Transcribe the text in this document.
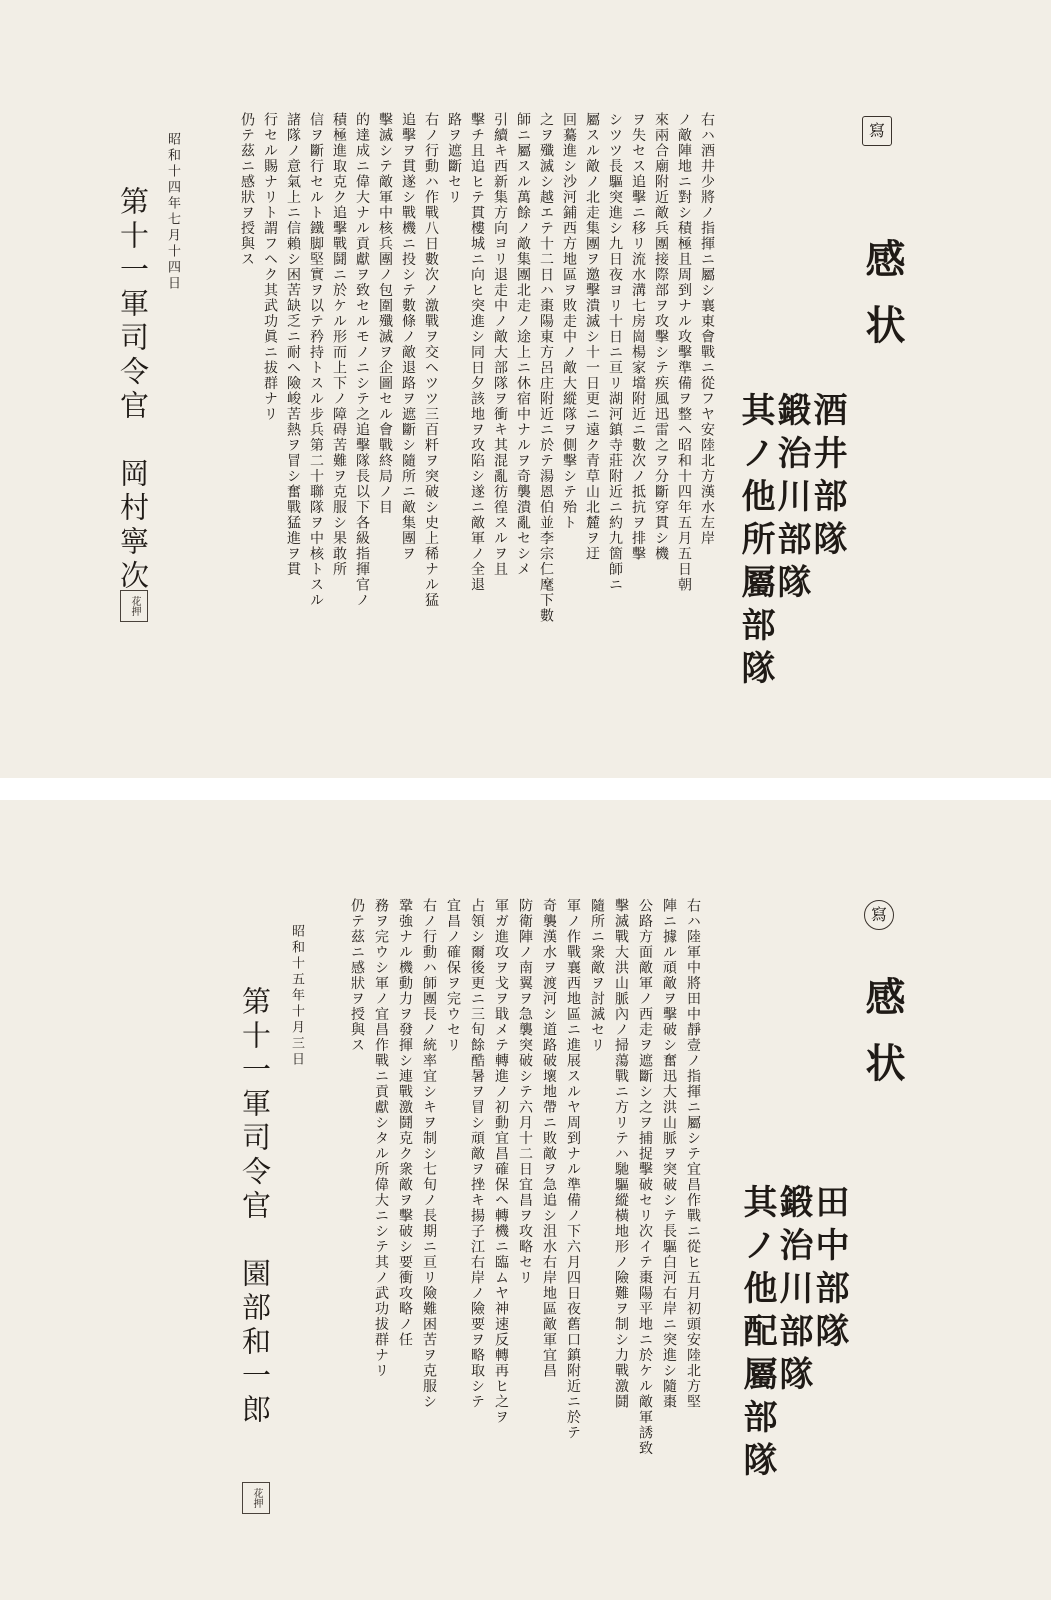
寫
感状
酒井部隊
鍛治川部隊
其ノ他所屬部隊
右ハ酒井少將ノ指揮ニ屬シ襄東會戰ニ從フヤ安陸北方漢水左岸
ノ敵陣地ニ對シ積極且周到ナル攻擊準備ヲ整ヘ昭和十四年五月五日朝
來兩合廟附近敵兵團接際部ヲ攻擊シテ疾風迅雷之ヲ分斷穿貫シ機
ヲ失セス追擊ニ移リ流水溝七房崗楊家壋附近ニ數次ノ抵抗ヲ排擊
シツツ長驅突進シ九日夜ヨリ十日ニ亘リ湖河鎮寺莊附近ニ約九箇師ニ
屬スル敵ノ北走集團ヲ邀擊潰滅シ十一日更ニ遠ク青草山北麓ヲ迂
回驀進シ沙河鋪西方地區ヲ敗走中ノ敵大縱隊ヲ側擊シテ殆ト
之ヲ殲滅シ越エテ十二日ハ棗陽東方呂庄附近ニ於テ湯恩伯並李宗仁麾下數
師ニ屬スル萬餘ノ敵集團北走ノ途上ニ休宿中ナルヲ奇襲潰亂セシメ
引續キ西新集方向ヨリ退走中ノ敵大部隊ヲ衝キ其混亂彷徨スルヲ且
擊チ且追ヒテ貫樓城ニ向ヒ突進シ同日夕該地ヲ攻陷シ遂ニ敵軍ノ全退
路ヲ遮斷セリ
右ノ行動ハ作戰八日數次ノ激戰ヲ交ヘツツ三百粁ヲ突破シ史上稀ナル猛
追擊ヲ貫遂シ戰機ニ投シテ數條ノ敵退路ヲ遮斷シ隨所ニ敵集團ヲ
擊滅シテ敵軍中核兵團ノ包圍殲滅ヲ企圖セル會戰終局ノ目
的達成ニ偉大ナル貢獻ヲ致セルモノニシテ之追擊隊長以下各級指揮官ノ
積極進取克ク追擊戰鬪ニ於ケル形而上下ノ障碍苦難ヲ克服シ果敢所
信ヲ斷行セルト鐵脚堅實ヲ以テ矜持トスル步兵第二十聯隊ヲ中核トスル
諸隊ノ意氣上ニ信賴シ困苦缺乏ニ耐ヘ險峻苦熱ヲ冒シ奮戰猛進ヲ貫
行セル賜ナリト謂フヘク其武功眞ニ拔群ナリ
仍テ茲ニ感狀ヲ授與ス
昭和十四年七月十四日
第十一軍司令官　岡村寧次
花押
寫
感状
田中部隊
鍛治川部隊
其ノ他配屬部隊
右ハ陸軍中將田中靜壹ノ指揮ニ屬シテ宜昌作戰ニ從ヒ五月初頭安陸北方堅
陣ニ據ル頑敵ヲ擊破シ奮迅大洪山脈ヲ突破シテ長驅白河右岸ニ突進シ隨棗
公路方面敵軍ノ西走ヲ遮斷シ之ヲ捕捉擊破セリ次イテ棗陽平地ニ於ケル敵軍誘致
擊滅戰大洪山脈內ノ掃蕩戰ニ方リテハ馳驅縱橫地形ノ險難ヲ制シ力戰激鬪
隨所ニ衆敵ヲ討滅セリ
軍ノ作戰襄西地區ニ進展スルヤ周到ナル準備ノ下六月四日夜舊口鎮附近ニ於テ
奇襲漢水ヲ渡河シ道路破壞地帶ニ敗敵ヲ急追シ沮水右岸地區敵軍宜昌
防衛陣ノ南翼ヲ急襲突破シテ六月十二日宜昌ヲ攻略セリ
軍ガ進攻ヲ戈ヲ戢メテ轉進ノ初動宜昌確保ヘ轉機ニ臨ムヤ神速反轉再ヒ之ヲ
占領シ爾後更ニ三旬餘酷暑ヲ冒シ頑敵ヲ挫キ揚子江右岸ノ險要ヲ略取シテ
宜昌ノ確保ヲ完ウセリ
右ノ行動ハ師團長ノ統率宜シキヲ制シ七旬ノ長期ニ亘リ險難困苦ヲ克服シ
鞏強ナル機動力ヲ發揮シ連戰激鬪克ク衆敵ヲ擊破シ要衝攻略ノ任
務ヲ完ウシ軍ノ宜昌作戰ニ貢獻シタル所偉大ニシテ其ノ武功拔群ナリ
仍テ茲ニ感狀ヲ授與ス
昭和十五年十月三日
第十一軍司令官　園部和一郎
花押
